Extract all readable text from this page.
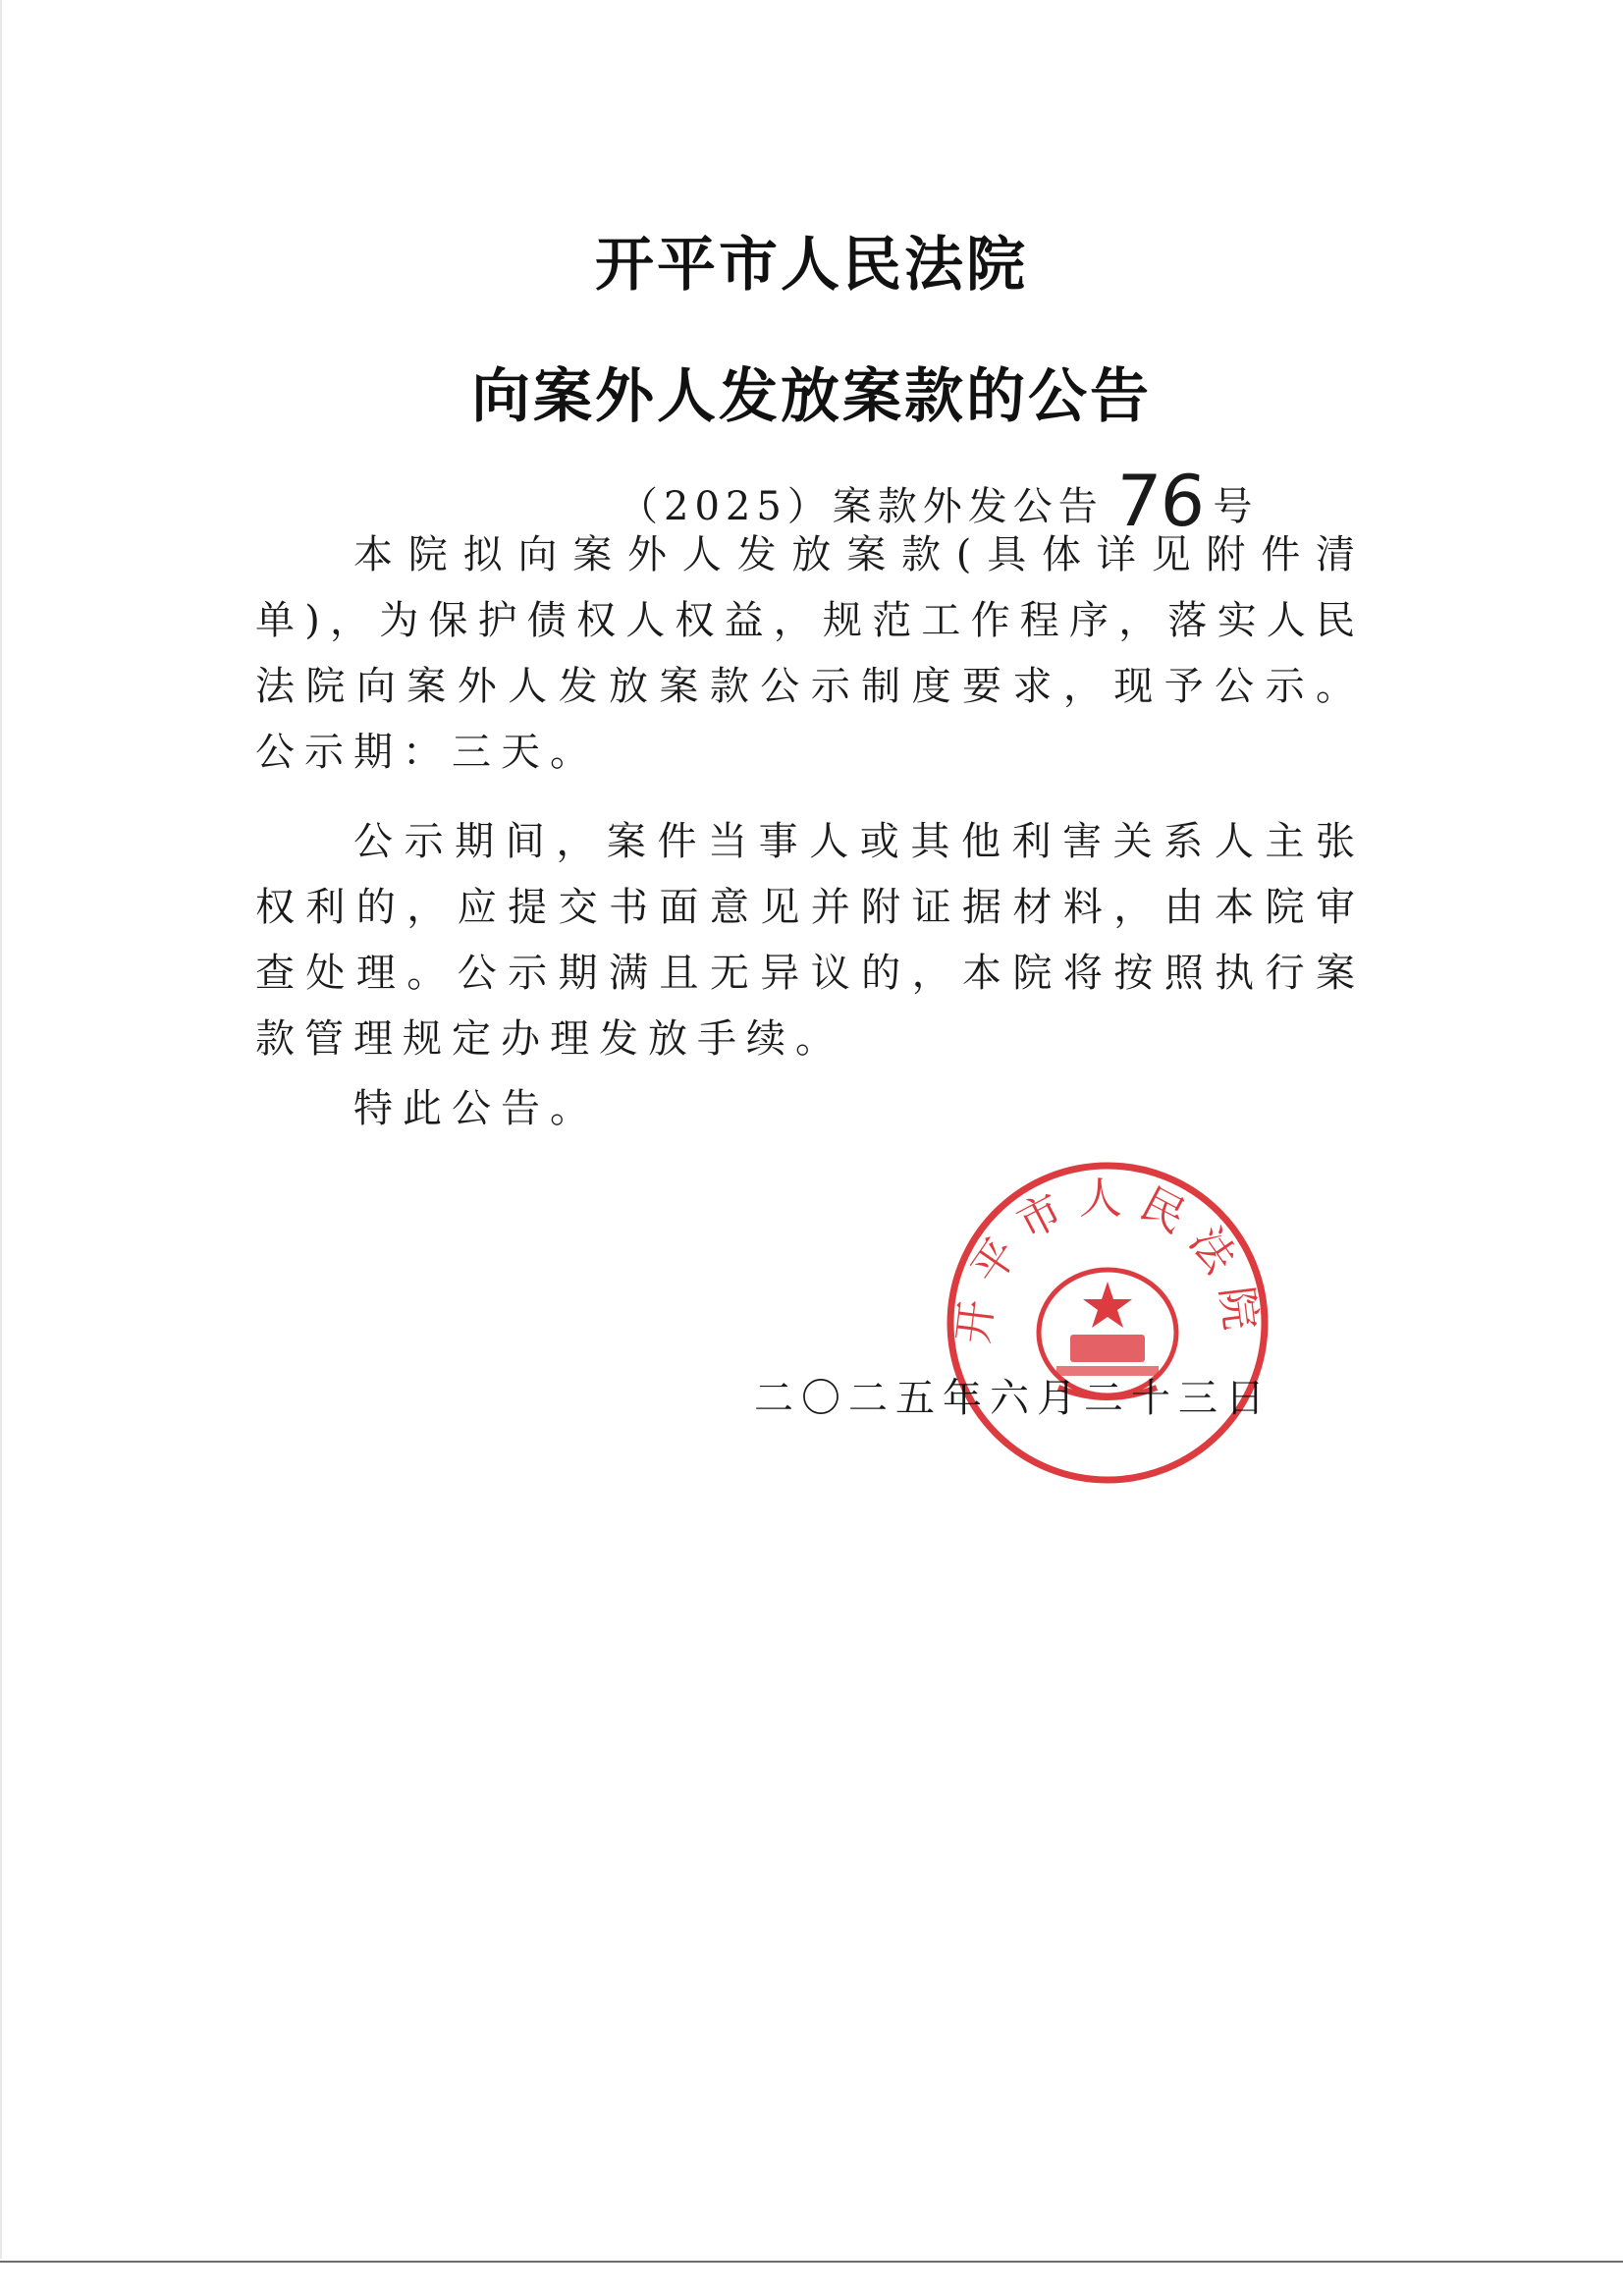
开平市人民法院
向案外人发放案款的公告
（2025）案款外发公告 76 号

本院拟向案外人发放案款(具体详见附件清单)，为保护债权人权益，规范工作程序，落实人民法院向案外人发放案款公示制度要求，现予公示。公示期：三天。

公示期间，案件当事人或其他利害关系人主张权利的，应提交书面意见并附证据材料，由本院审查处理。公示期满且无异议的，本院将按照执行案款管理规定办理发放手续。

特此公告。

二〇二五年六月二十三日
开平市人民法院
